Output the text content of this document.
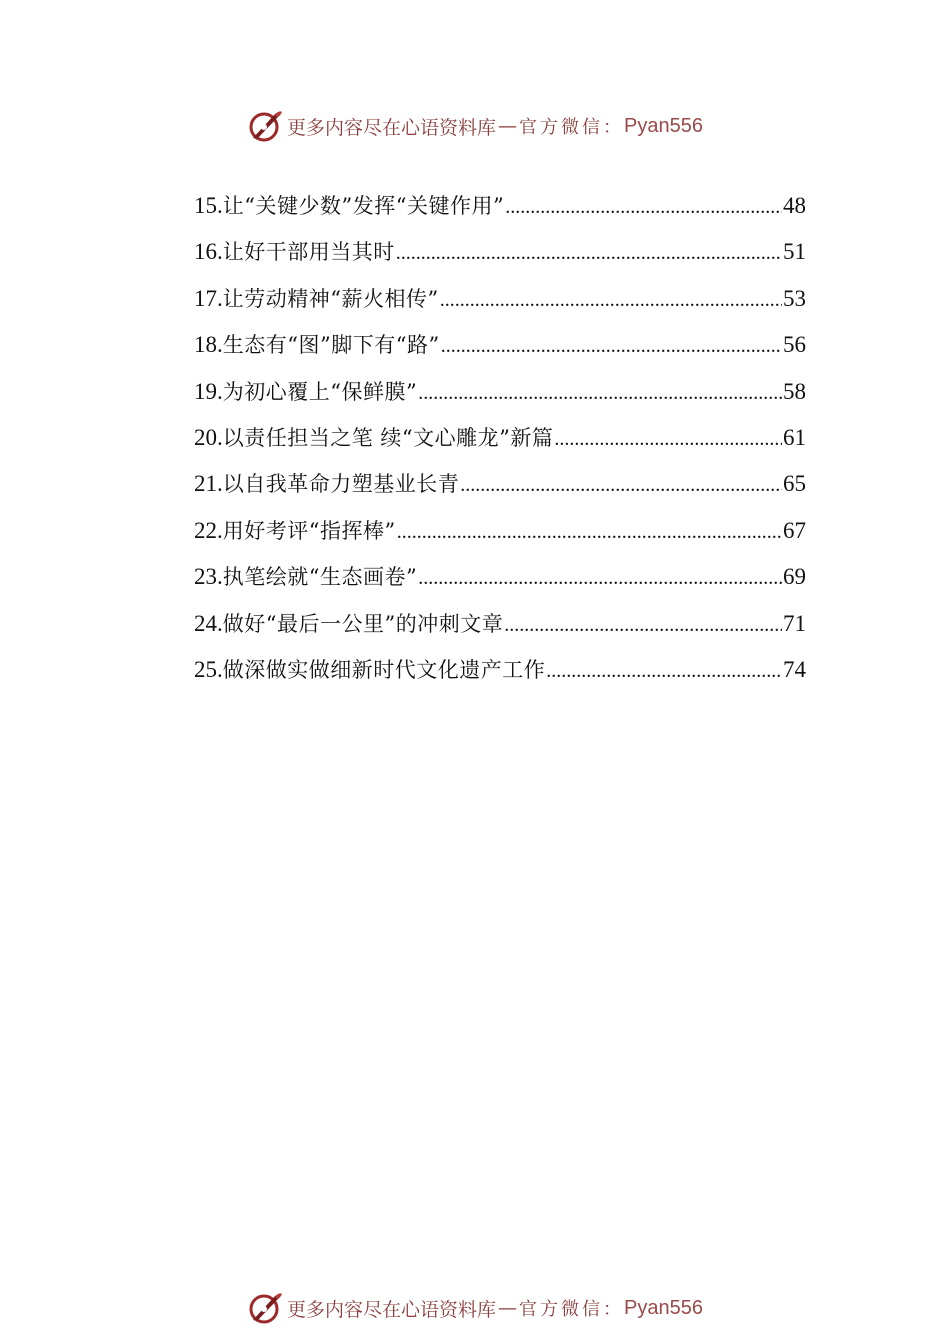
更多内容尽在心语资料库 — 官方微信： Pyan556
15. 让“关键少数”发挥“关键作用” .....	48
16. 让好干部用当其时 .....	51
17. 让劳动精神“薪火相传” .....	53
18. 生态有“图”脚下有“路” .....	56
19. 为初心覆上“保鲜膜” .....	58
20. 以责任担当之笔 续“文心雕龙”新篇 .....	61
21. 以自我革命力塑基业长青 .....	65
22. 用好考评“指挥棒” .....	67
23. 执笔绘就“生态画卷” .....	69
24. 做好“最后一公里”的冲刺文章 .....	71
25. 做深做实做细新时代文化遗产工作 .....	74
更多内容尽在心语资料库 — 官方微信： Pyan556
